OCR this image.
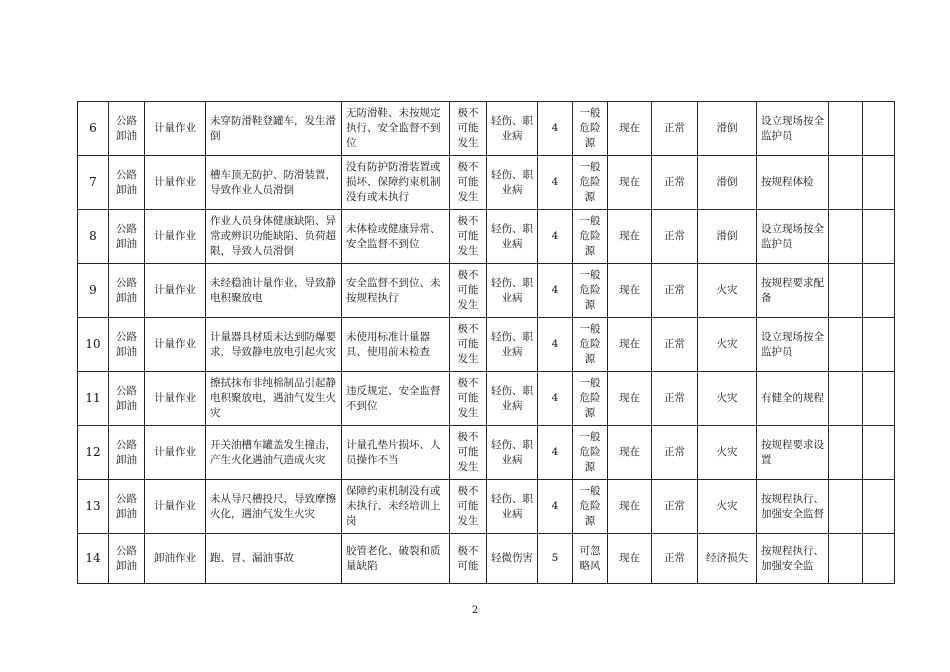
6	公路卸油	计量作业	未穿防滑鞋登罐车，发生滑倒	无防滑鞋、未按规定执行、安全监督不到位	极不可能发生	轻伤、职业病	4	一般危险源	现在	正常	滑倒	设立现场按全监护员		
7	公路卸油	计量作业	槽车顶无防护、防滑装置，导致作业人员滑倒	没有防护防滑装置或损坏、保障约束机制没有或未执行	极不可能发生	轻伤、职业病	4	一般危险源	现在	正常	滑倒	按规程体检		
8	公路卸油	计量作业	作业人员身体健康缺陷、异常或辨识功能缺陷、负荷超限，导致人员滑倒	未体检或健康异常、安全监督不到位	极不可能发生	轻伤、职业病	4	一般危险源	现在	正常	滑倒	设立现场按全监护员		
9	公路卸油	计量作业	未经稳油计量作业，导致静电积聚放电	安全监督不到位、未按规程执行	极不可能发生	轻伤、职业病	4	一般危险源	现在	正常	火灾	按规程要求配备		
10	公路卸油	计量作业	计量器具材质未达到防爆要求，导致静电放电引起火灾	未使用标准计量器具、使用前未检查	极不可能发生	轻伤、职业病	4	一般危险源	现在	正常	火灾	设立现场按全监护员		
11	公路卸油	计量作业	擦拭抹布非纯棉制品引起静电积聚放电，遇油气发生火灾	违反规定、安全监督不到位	极不可能发生	轻伤、职业病	4	一般危险源	现在	正常	火灾	有健全的规程		
12	公路卸油	计量作业	开关油槽车罐盖发生撞击，产生火化遇油气造成火灾	计量孔垫片损坏、人员操作不当	极不可能发生	轻伤、职业病	4	一般危险源	现在	正常	火灾	按规程要求设置		
13	公路卸油	计量作业	未从导尺槽投尺，导致摩擦火化，遇油气发生火灾	保障约束机制没有或未执行、未经培训上岗	极不可能发生	轻伤、职业病	4	一般危险源	现在	正常	火灾	按规程执行、加强安全监督		
14	公路卸油	卸油作业	跑、冒、漏油事故	胶管老化、破裂和质量缺陷	极不可能	轻微伤害	5	可忽略风	现在	正常	经济损失	按规程执行、加强安全监		
2
